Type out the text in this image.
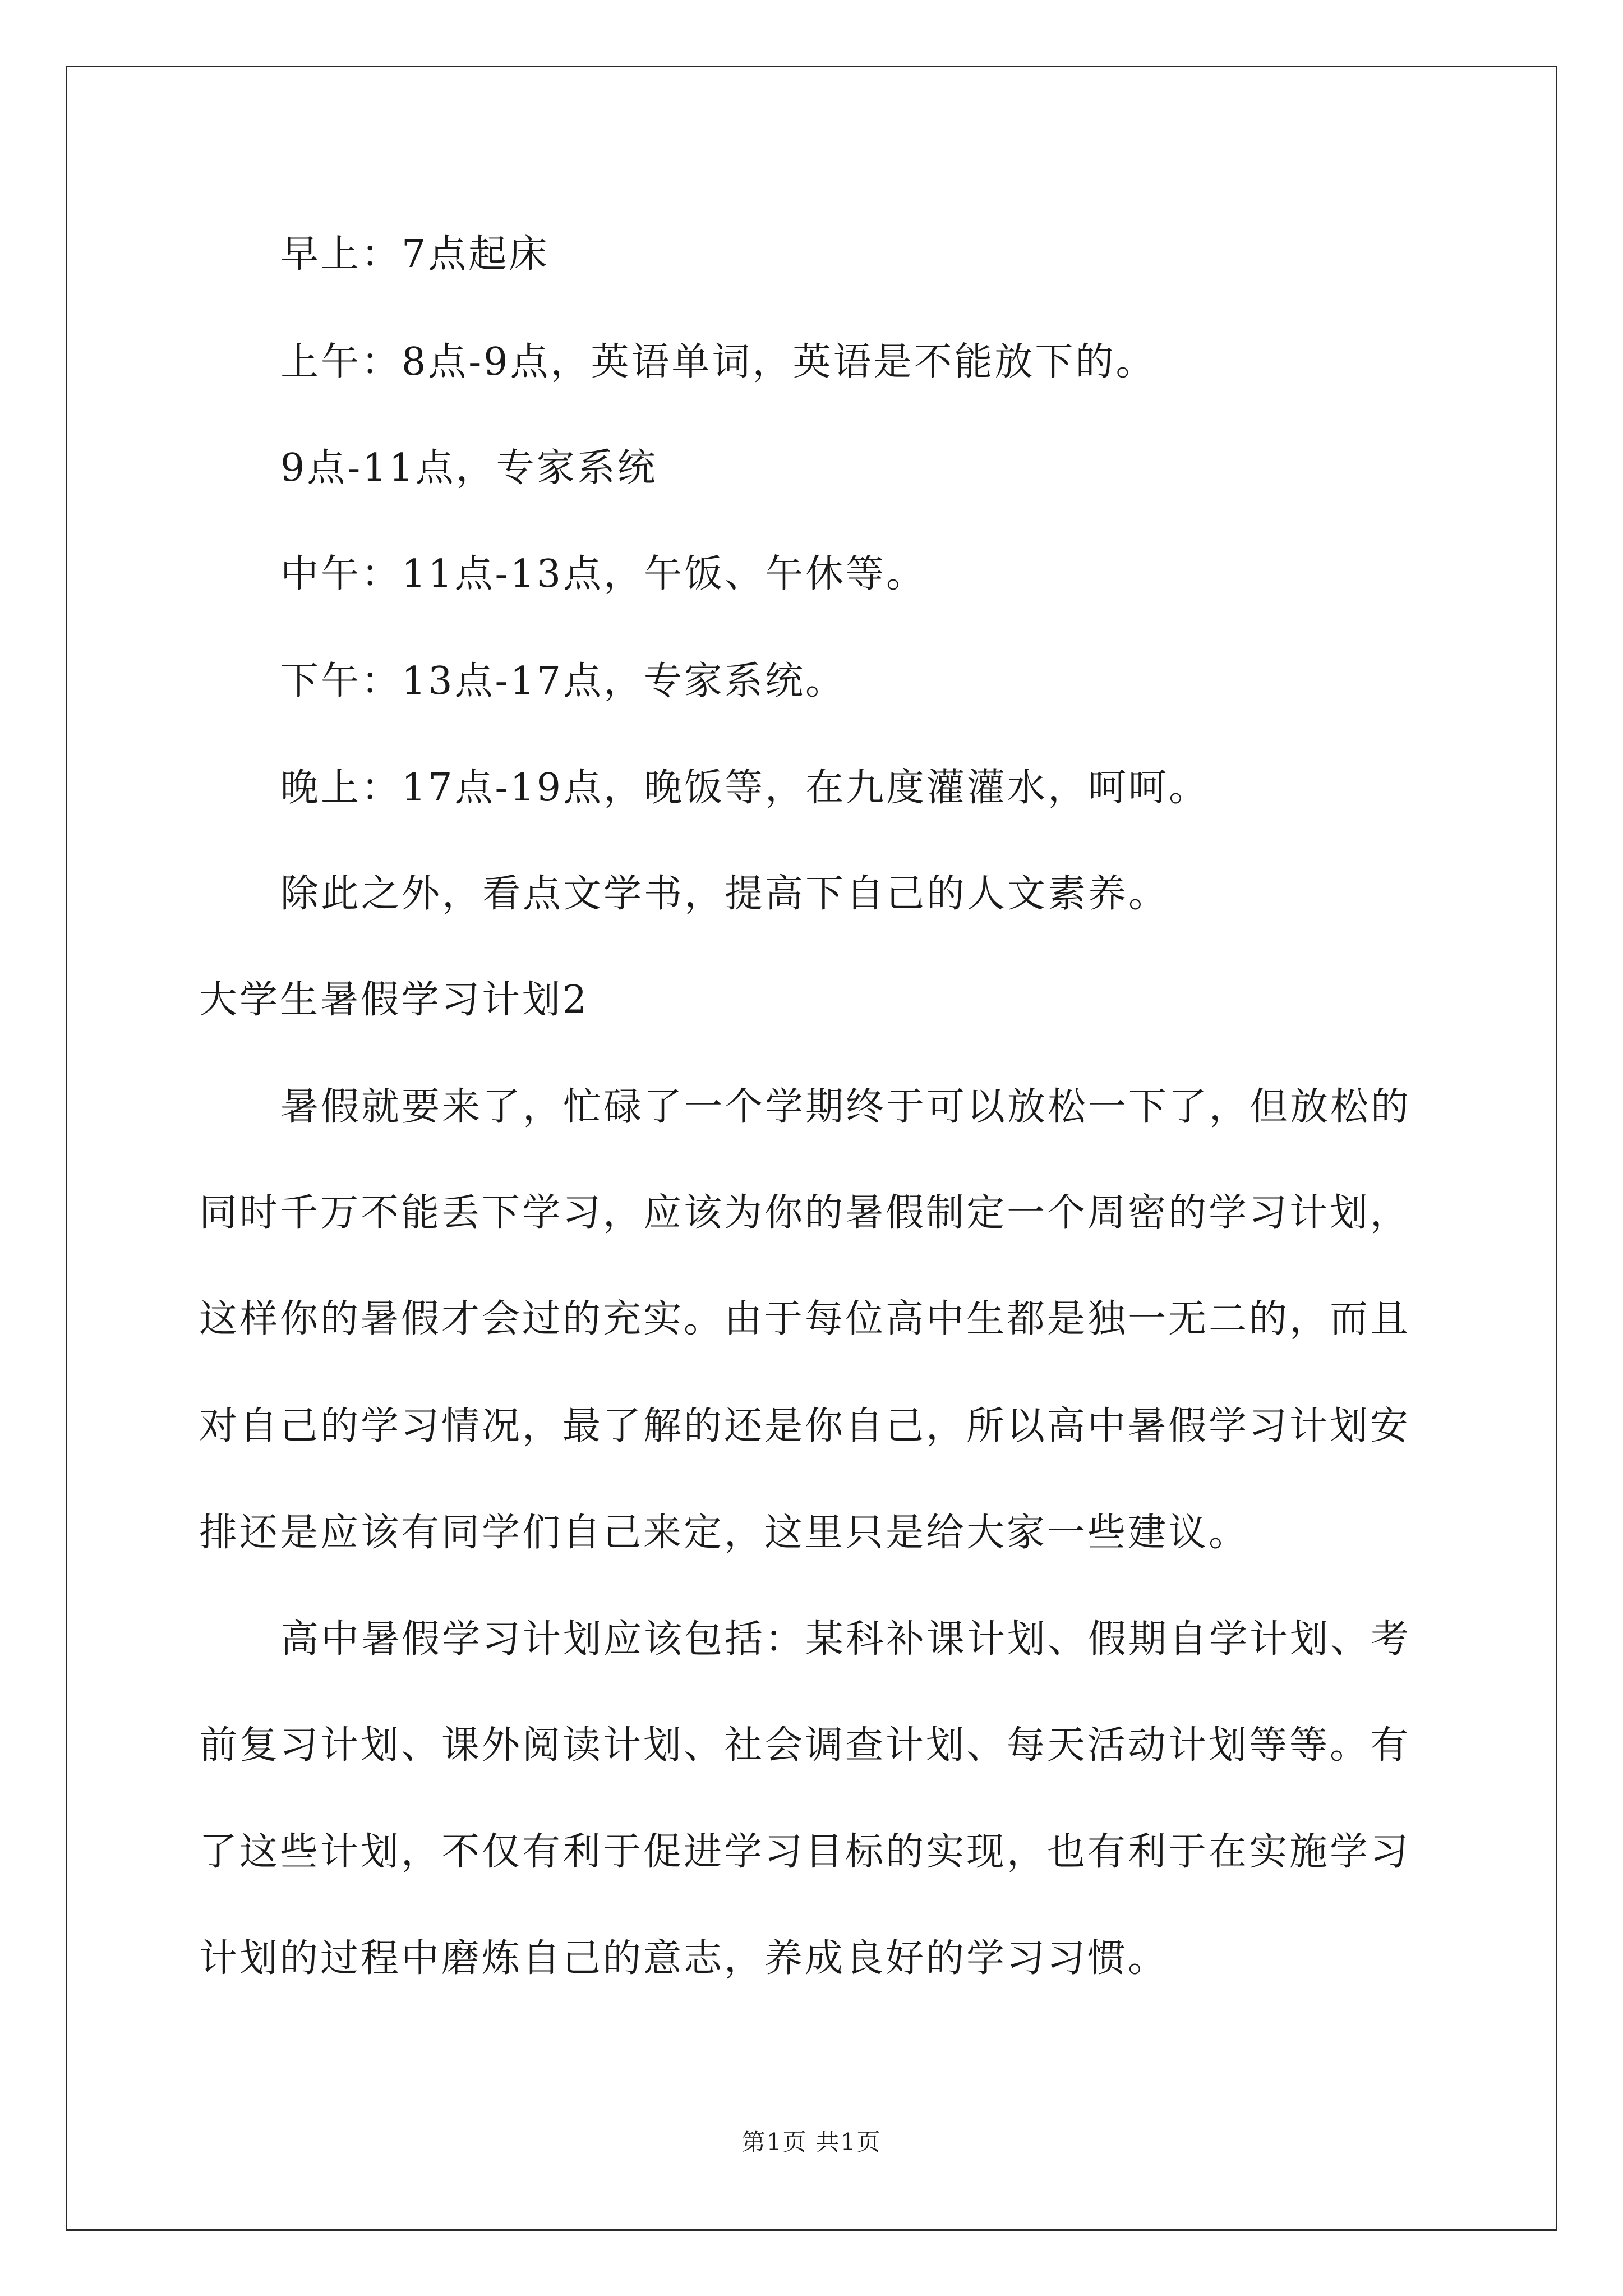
早上：7点起床
上午：8点-9点，英语单词，英语是不能放下的。
9点-11点，专家系统
中午：11点-13点，午饭、午休等。
下午：13点-17点，专家系统。
晚上：17点-19点，晚饭等，在九度灌灌水，呵呵。
除此之外，看点文学书，提高下自己的人文素养。
大学生暑假学习计划2
暑假就要来了，忙碌了一个学期终于可以放松一下了，但放松的
同时千万不能丢下学习，应该为你的暑假制定一个周密的学习计划，
这样你的暑假才会过的充实。由于每位高中生都是独一无二的，而且
对自己的学习情况，最了解的还是你自己，所以高中暑假学习计划安
排还是应该有同学们自己来定，这里只是给大家一些建议。
高中暑假学习计划应该包括：某科补课计划、假期自学计划、考
前复习计划、课外阅读计划、社会调查计划、每天活动计划等等。有
了这些计划，不仅有利于促进学习目标的实现，也有利于在实施学习
计划的过程中磨炼自己的意志，养成良好的学习习惯。
第1页 共1页
